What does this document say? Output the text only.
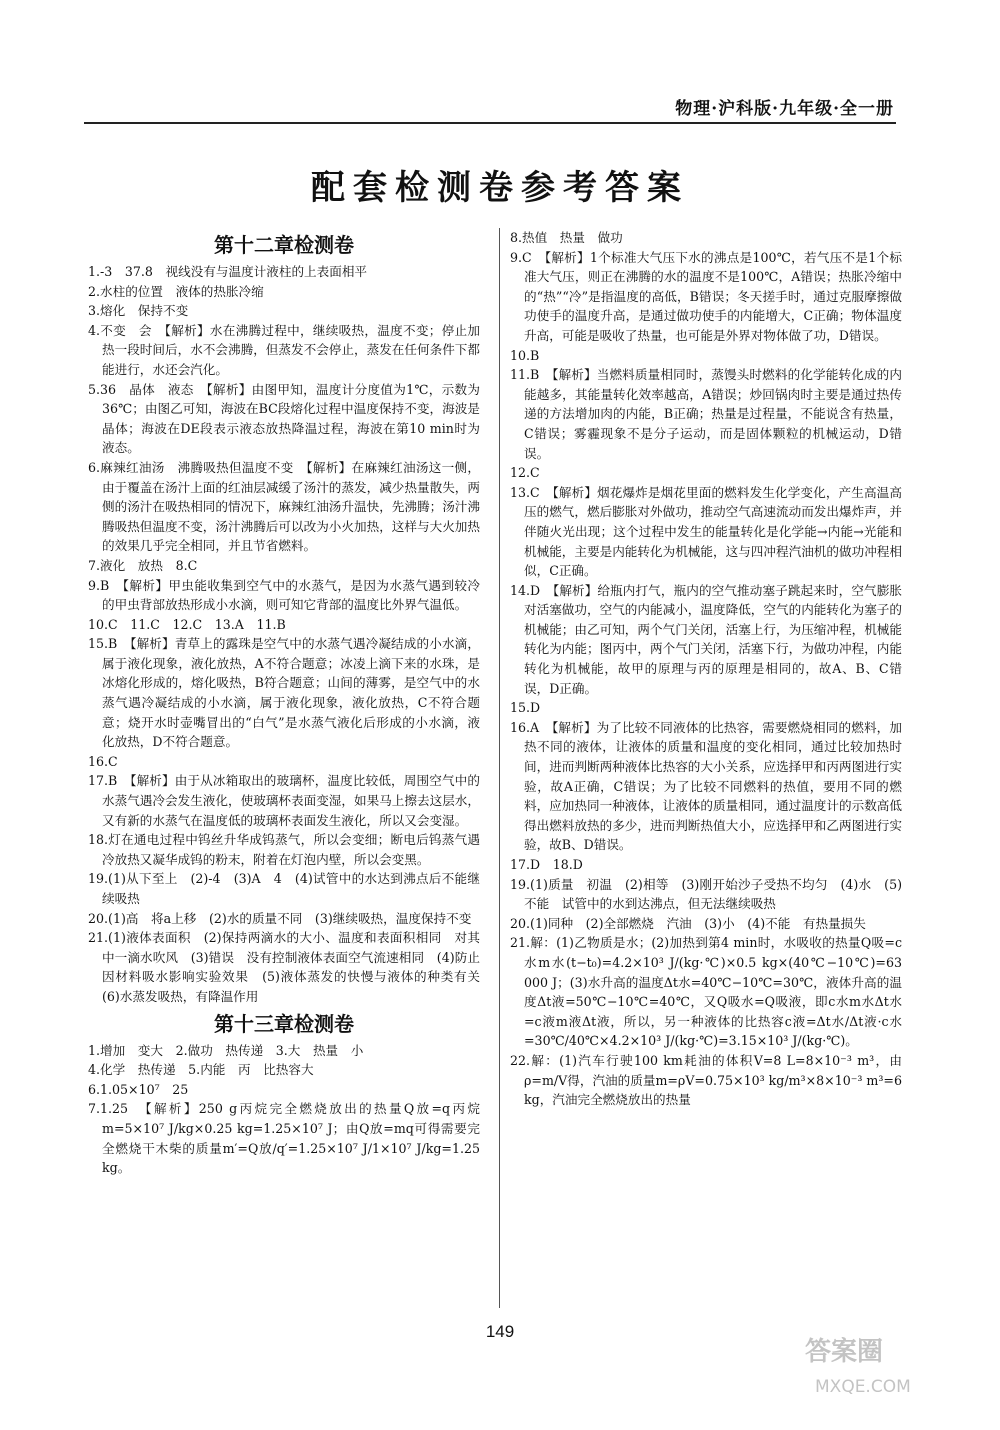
物理·沪科版·九年级·全一册
配套检测卷参考答案
第十二章检测卷

1.-3　37.8　视线没有与温度计液柱的上表面相平

2.水柱的位置　液体的热胀冷缩

3.熔化　保持不变

4.不变　会　【解析】水在沸腾过程中，继续吸热，温度不变；停止加热一段时间后，水不会沸腾，但蒸发不会停止，蒸发在任何条件下都能进行，水还会汽化。

5.36　晶体　液态　【解析】由图甲知，温度计分度值为1℃，示数为36℃；由图乙可知，海波在BC段熔化过程中温度保持不变，海波是晶体；海波在DE段表示液态放热降温过程，海波在第10 min时为液态。

6.麻辣红油汤　沸腾吸热但温度不变　【解析】在麻辣红油汤这一侧，由于覆盖在汤汁上面的红油层减缓了汤汁的蒸发，减少热量散失，两侧的汤汁在吸热相同的情况下，麻辣红油汤升温快，先沸腾；汤汁沸腾吸热但温度不变，汤汁沸腾后可以改为小火加热，这样与大火加热的效果几乎完全相同，并且节省燃料。

7.液化　放热　8.C

9.B　【解析】甲虫能收集到空气中的水蒸气，是因为水蒸气遇到较冷的甲虫背部放热形成小水滴，则可知它背部的温度比外界气温低。

10.C　11.C　12.C　13.A　11.B

15.B　【解析】青草上的露珠是空气中的水蒸气遇冷凝结成的小水滴，属于液化现象，液化放热，A不符合题意；冰凌上滴下来的水珠，是冰熔化形成的，熔化吸热，B符合题意；山间的薄雾，是空气中的水蒸气遇冷凝结成的小水滴，属于液化现象，液化放热，C不符合题意；烧开水时壶嘴冒出的“白气”是水蒸气液化后形成的小水滴，液化放热，D不符合题意。

16.C

17.B　【解析】由于从冰箱取出的玻璃杯，温度比较低，周围空气中的水蒸气遇冷会发生液化，使玻璃杯表面变湿，如果马上擦去这层水，又有新的水蒸气在温度低的玻璃杯表面发生液化，所以又会变湿。

18.灯在通电过程中钨丝升华成钨蒸气，所以会变细；断电后钨蒸气遇冷放热又凝华成钨的粉末，附着在灯泡内壁，所以会变黑。

19.(1)从下至上　(2)-4　(3)A　4　(4)试管中的水达到沸点后不能继续吸热

20.(1)高　将a上移　(2)水的质量不同　(3)继续吸热，温度保持不变

21.(1)液体表面积　(2)保持两滴水的大小、温度和表面积相同　对其中一滴水吹风　(3)错误　没有控制液体表面空气流速相同　(4)防止因材料吸水影响实验效果　(5)液体蒸发的快慢与液体的种类有关　(6)水蒸发吸热，有降温作用

第十三章检测卷

1.增加　变大　2.做功　热传递　3.大　热量　小

4.化学　热传递　5.内能　丙　比热容大

6.1.05×10⁷　25

7.1.25　【解析】250 g丙烷完全燃烧放出的热量Q放=q丙烷m=5×10⁷ J/kg×0.25 kg=1.25×10⁷ J；由Q放=mq可得需要完全燃烧干木柴的质量m′=Q放/q′=1.25×10⁷ J/1×10⁷ J/kg=1.25 kg。

8.热值　热量　做功

9.C　【解析】1个标准大气压下水的沸点是100℃，若气压不是1个标准大气压，则正在沸腾的水的温度不是100℃，A错误；热胀冷缩中的“热”“冷”是指温度的高低，B错误；冬天搓手时，通过克服摩擦做功使手的温度升高，是通过做功使手的内能增大，C正确；物体温度升高，可能是吸收了热量，也可能是外界对物体做了功，D错误。

10.B

11.B　【解析】当燃料质量相同时，蒸馒头时燃料的化学能转化成的内能越多，其能量转化效率越高，A错误；炒回锅肉时主要是通过热传递的方法增加肉的内能，B正确；热量是过程量，不能说含有热量，C错误；雾霾现象不是分子运动，而是固体颗粒的机械运动，D错误。

12.C

13.C　【解析】烟花爆炸是烟花里面的燃料发生化学变化，产生高温高压的燃气，燃后膨胀对外做功，推动空气高速流动而发出爆炸声，并伴随火光出现；这个过程中发生的能量转化是化学能→内能→光能和机械能，主要是内能转化为机械能，这与四冲程汽油机的做功冲程相似，C正确。

14.D　【解析】给瓶内打气，瓶内的空气推动塞子跳起来时，空气膨胀对活塞做功，空气的内能减小，温度降低，空气的内能转化为塞子的机械能；由乙可知，两个气门关闭，活塞上行，为压缩冲程，机械能转化为内能；图丙中，两个气门关闭，活塞下行，为做功冲程，内能转化为机械能，故甲的原理与丙的原理是相同的，故A、B、C错误，D正确。

15.D

16.A　【解析】为了比较不同液体的比热容，需要燃烧相同的燃料，加热不同的液体，让液体的质量和温度的变化相同，通过比较加热时间，进而判断两种液体比热容的大小关系，应选择甲和丙两图进行实验，故A正确，C错误；为了比较不同燃料的热值，要用不同的燃料，应加热同一种液体，让液体的质量相同，通过温度计的示数高低得出燃料放热的多少，进而判断热值大小，应选择甲和乙两图进行实验，故B、D错误。

17.D　18.D

19.(1)质量　初温　(2)相等　(3)刚开始沙子受热不均匀　(4)水　(5)不能　试管中的水到达沸点，但无法继续吸热

20.(1)同种　(2)全部燃烧　汽油　(3)小　(4)不能　有热量损失

21.解：(1)乙物质是水；(2)加热到第4 min时，水吸收的热量Q吸=c水m水(t−t₀)=4.2×10³ J/(kg·℃)×0.5 kg×(40℃−10℃)=63 000 J；(3)水升高的温度Δt水=40℃−10℃=30℃，液体升高的温度Δt液=50℃−10℃=40℃，又Q吸水=Q吸液，即c水m水Δt水=c液m液Δt液，所以，另一种液体的比热容c液=Δt水/Δt液·c水=30℃/40℃×4.2×10³ J/(kg·℃)=3.15×10³ J/(kg·℃)。

22.解：(1)汽车行驶100 km耗油的体积V=8 L=8×10⁻³ m³，由ρ=m/V得，汽油的质量m=ρV=0.75×10³ kg/m³×8×10⁻³ m³=6 kg，汽油完全燃烧放出的热量

149
答案圈
MXQE.COM
